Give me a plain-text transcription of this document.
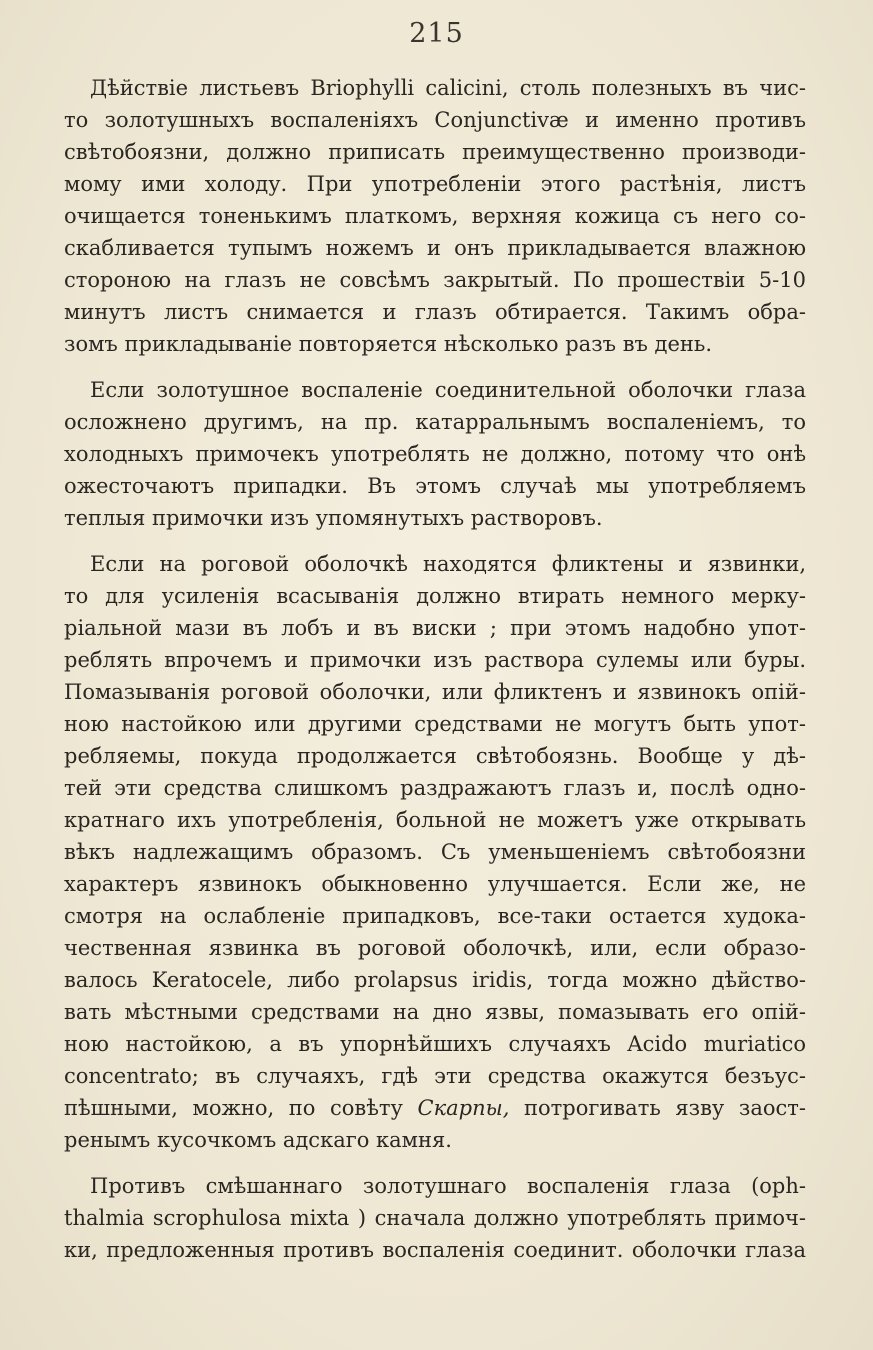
215
Дѣйствіе листьевъ Briophylli calicini, столь полезныхъ въ чис-
то золотушныхъ воспаленіяхъ Conjunctivæ и именно противъ
свѣтобоязни, должно приписать преимущественно производи-
мому ими холоду. При употребленіи этого растѣнія, листъ
очищается тоненькимъ платкомъ, верхняя кожица съ него со-
скабливается тупымъ ножемъ и онъ прикладывается влажною
стороною на глазъ не совсѣмъ закрытый. По прошествіи 5-10
минутъ листъ снимается и глазъ обтирается. Такимъ обра-
зомъ прикладываніе повторяется нѣсколько разъ въ день.
Если золотушное воспаленіе соединительной оболочки глаза
осложнено другимъ, на пр. катарральнымъ воспаленіемъ, то
холодныхъ примочекъ употреблять не должно, потому что онѣ
ожесточаютъ припадки. Въ этомъ случаѣ мы употребляемъ
теплыя примочки изъ упомянутыхъ растворовъ.
Если на роговой оболочкѣ находятся фликтены и язвинки,
то для усиленія всасыванія должно втирать немного мерку-
ріальной мази въ лобъ и въ виски ; при этомъ надобно упот-
реблять впрочемъ и примочки изъ раствора сулемы или буры.
Помазыванія роговой оболочки, или фликтенъ и язвинокъ опій-
ною настойкою или другими средствами не могутъ быть упот-
ребляемы, покуда продолжается свѣтобоязнь. Вообще у дѣ-
тей эти средства слишкомъ раздражаютъ глазъ и, послѣ одно-
кратнаго ихъ употребленія, больной не можетъ уже открывать
вѣкъ надлежащимъ образомъ. Съ уменьшеніемъ свѣтобоязни
характеръ язвинокъ обыкновенно улучшается. Если же, не
смотря на ослабленіе припадковъ, все-таки остается худока-
чественная язвинка въ роговой оболочкѣ, или, если образо-
валось Keratocele, либо prolapsus iridis, тогда можно дѣйство-
вать мѣстными средствами на дно язвы, помазывать его опій-
ною настойкою, а въ упорнѣйшихъ случаяхъ Acido muriatico
concentrato; въ случаяхъ, гдѣ эти средства окажутся безъус-
пѣшными, можно, по совѣту Скарпы, потрогивать язву заост-
ренымъ кусочкомъ адскаго камня.
Противъ смѣшаннаго золотушнаго воспаленія глаза (oph-
thalmia scrophulosa mixta ) сначала должно употреблять примоч-
ки, предложенныя противъ воспаленія соединит. оболочки глаза
